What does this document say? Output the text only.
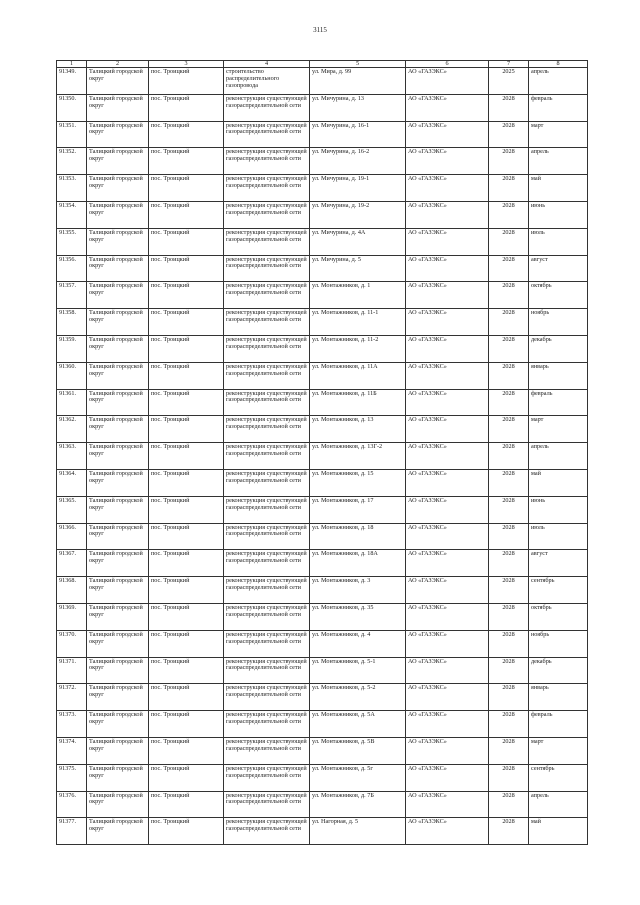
3115
1	2	3	4	5	6	7	8
91349.	Талицкий городской округ	пос. Троицкий	строительство распределительного газопровода	ул. Мира, д. 99	АО «ГАЗЭКС»	2025	апрель
91350.	Талицкий городской округ	пос. Троицкий	реконструкция существующей газораспределительной сети	ул. Мичурина, д. 13	АО «ГАЗЭКС»	2028	февраль
91351.	Талицкий городской округ	пос. Троицкий	реконструкция существующей газораспределительной сети	ул. Мичурина, д. 16-1	АО «ГАЗЭКС»	2028	март
91352.	Талицкий городской округ	пос. Троицкий	реконструкция существующей газораспределительной сети	ул. Мичурина, д. 16-2	АО «ГАЗЭКС»	2028	апрель
91353.	Талицкий городской округ	пос. Троицкий	реконструкция существующей газораспределительной сети	ул. Мичурина, д. 19-1	АО «ГАЗЭКС»	2028	май
91354.	Талицкий городской округ	пос. Троицкий	реконструкция существующей газораспределительной сети	ул. Мичурина, д. 19-2	АО «ГАЗЭКС»	2028	июнь
91355.	Талицкий городской округ	пос. Троицкий	реконструкция существующей газораспределительной сети	ул. Мичурина, д. 4А	АО «ГАЗЭКС»	2028	июль
91356.	Талицкий городской округ	пос. Троицкий	реконструкция существующей газораспределительной сети	ул. Мичурина, д. 5	АО «ГАЗЭКС»	2028	август
91357.	Талицкий городской округ	пос. Троицкий	реконструкция существующей газораспределительной сети	ул. Монтажников, д. 1	АО «ГАЗЭКС»	2028	октябрь
91358.	Талицкий городской округ	пос. Троицкий	реконструкция существующей газораспределительной сети	ул. Монтажников, д. 11-1	АО «ГАЗЭКС»	2028	ноябрь
91359.	Талицкий городской округ	пос. Троицкий	реконструкция существующей газораспределительной сети	ул. Монтажников, д. 11-2	АО «ГАЗЭКС»	2028	декабрь
91360.	Талицкий городской округ	пос. Троицкий	реконструкция существующей газораспределительной сети	ул. Монтажников, д. 11А	АО «ГАЗЭКС»	2028	январь
91361.	Талицкий городской округ	пос. Троицкий	реконструкция существующей газораспределительной сети	ул. Монтажников, д. 11Б	АО «ГАЗЭКС»	2028	февраль
91362.	Талицкий городской округ	пос. Троицкий	реконструкция существующей газораспределительной сети	ул. Монтажников, д. 13	АО «ГАЗЭКС»	2028	март
91363.	Талицкий городской округ	пос. Троицкий	реконструкция существующей газораспределительной сети	ул. Монтажников, д. 13Г-2	АО «ГАЗЭКС»	2028	апрель
91364.	Талицкий городской округ	пос. Троицкий	реконструкция существующей газораспределительной сети	ул. Монтажников, д. 15	АО «ГАЗЭКС»	2028	май
91365.	Талицкий городской округ	пос. Троицкий	реконструкция существующей газораспределительной сети	ул. Монтажников, д. 17	АО «ГАЗЭКС»	2028	июнь
91366.	Талицкий городской округ	пос. Троицкий	реконструкция существующей газораспределительной сети	ул. Монтажников, д. 18	АО «ГАЗЭКС»	2028	июль
91367.	Талицкий городской округ	пос. Троицкий	реконструкция существующей газораспределительной сети	ул. Монтажников, д. 18А	АО «ГАЗЭКС»	2028	август
91368.	Талицкий городской округ	пос. Троицкий	реконструкция существующей газораспределительной сети	ул. Монтажников, д. 3	АО «ГАЗЭКС»	2028	сентябрь
91369.	Талицкий городской округ	пос. Троицкий	реконструкция существующей газораспределительной сети	ул. Монтажников, д. 35	АО «ГАЗЭКС»	2028	октябрь
91370.	Талицкий городской округ	пос. Троицкий	реконструкция существующей газораспределительной сети	ул. Монтажников, д. 4	АО «ГАЗЭКС»	2028	ноябрь
91371.	Талицкий городской округ	пос. Троицкий	реконструкция существующей газораспределительной сети	ул. Монтажников, д. 5-1	АО «ГАЗЭКС»	2028	декабрь
91372.	Талицкий городской округ	пос. Троицкий	реконструкция существующей газораспределительной сети	ул. Монтажников, д. 5-2	АО «ГАЗЭКС»	2028	январь
91373.	Талицкий городской округ	пос. Троицкий	реконструкция существующей газораспределительной сети	ул. Монтажников, д. 5А	АО «ГАЗЭКС»	2028	февраль
91374.	Талицкий городской округ	пос. Троицкий	реконструкция существующей газораспределительной сети	ул. Монтажников, д. 5В	АО «ГАЗЭКС»	2028	март
91375.	Талицкий городской округ	пос. Троицкий	реконструкция существующей газораспределительной сети	ул. Монтажников, д. 5г	АО «ГАЗЭКС»	2028	сентябрь
91376.	Талицкий городской округ	пос. Троицкий	реконструкция существующей газораспределительной сети	ул. Монтажников, д. 7Б	АО «ГАЗЭКС»	2028	апрель
91377.	Талицкий городской округ	пос. Троицкий	реконструкция существующей газораспределительной сети	ул. Нагорная, д. 5	АО «ГАЗЭКС»	2028	май
